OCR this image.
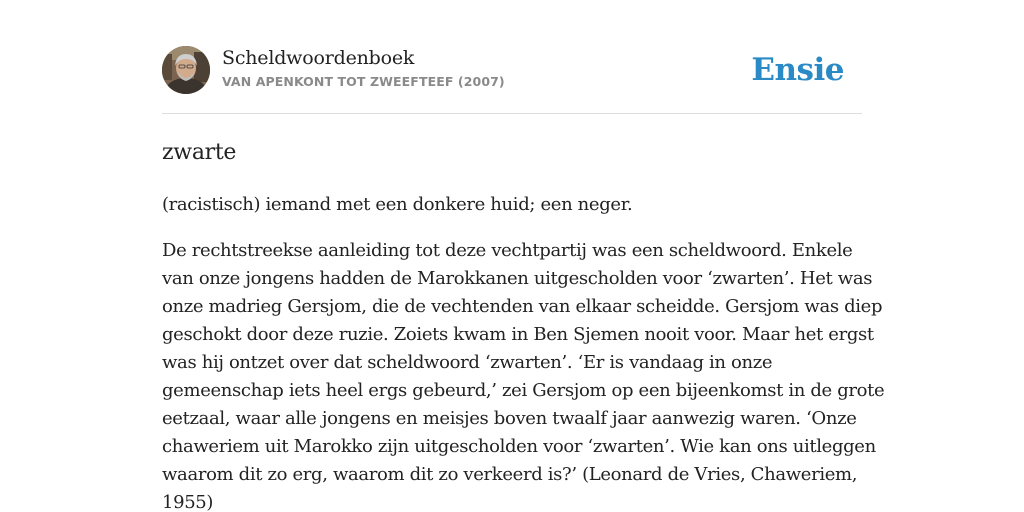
Scheldwoordenboek
VAN APENKONT TOT ZWEEFTEEF (2007)	Ensie
zwarte

(racistisch) iemand met een donkere huid; een neger.

De rechtstreekse aanleiding tot deze vechtpartij was een scheldwoord. Enkele
van onze jongens hadden de Marokkanen uitgescholden voor ‘zwarten’. Het was
onze madrieg Gersjom, die de vechtenden van elkaar scheidde. Gersjom was diep
geschokt door deze ruzie. Zoiets kwam in Ben Sjemen nooit voor. Maar het ergst
was hij ontzet over dat scheldwoord ‘zwarten’. ‘Er is vandaag in onze
gemeenschap iets heel ergs gebeurd,’ zei Gersjom op een bijeenkomst in de grote
eetzaal, waar alle jongens en meisjes boven twaalf jaar aanwezig waren. ‘Onze
chaweriem uit Marokko zijn uitgescholden voor ‘zwarten’. Wie kan ons uitleggen
waarom dit zo erg, waarom dit zo verkeerd is?’ (Leonard de Vries, Chaweriem,
1955)
